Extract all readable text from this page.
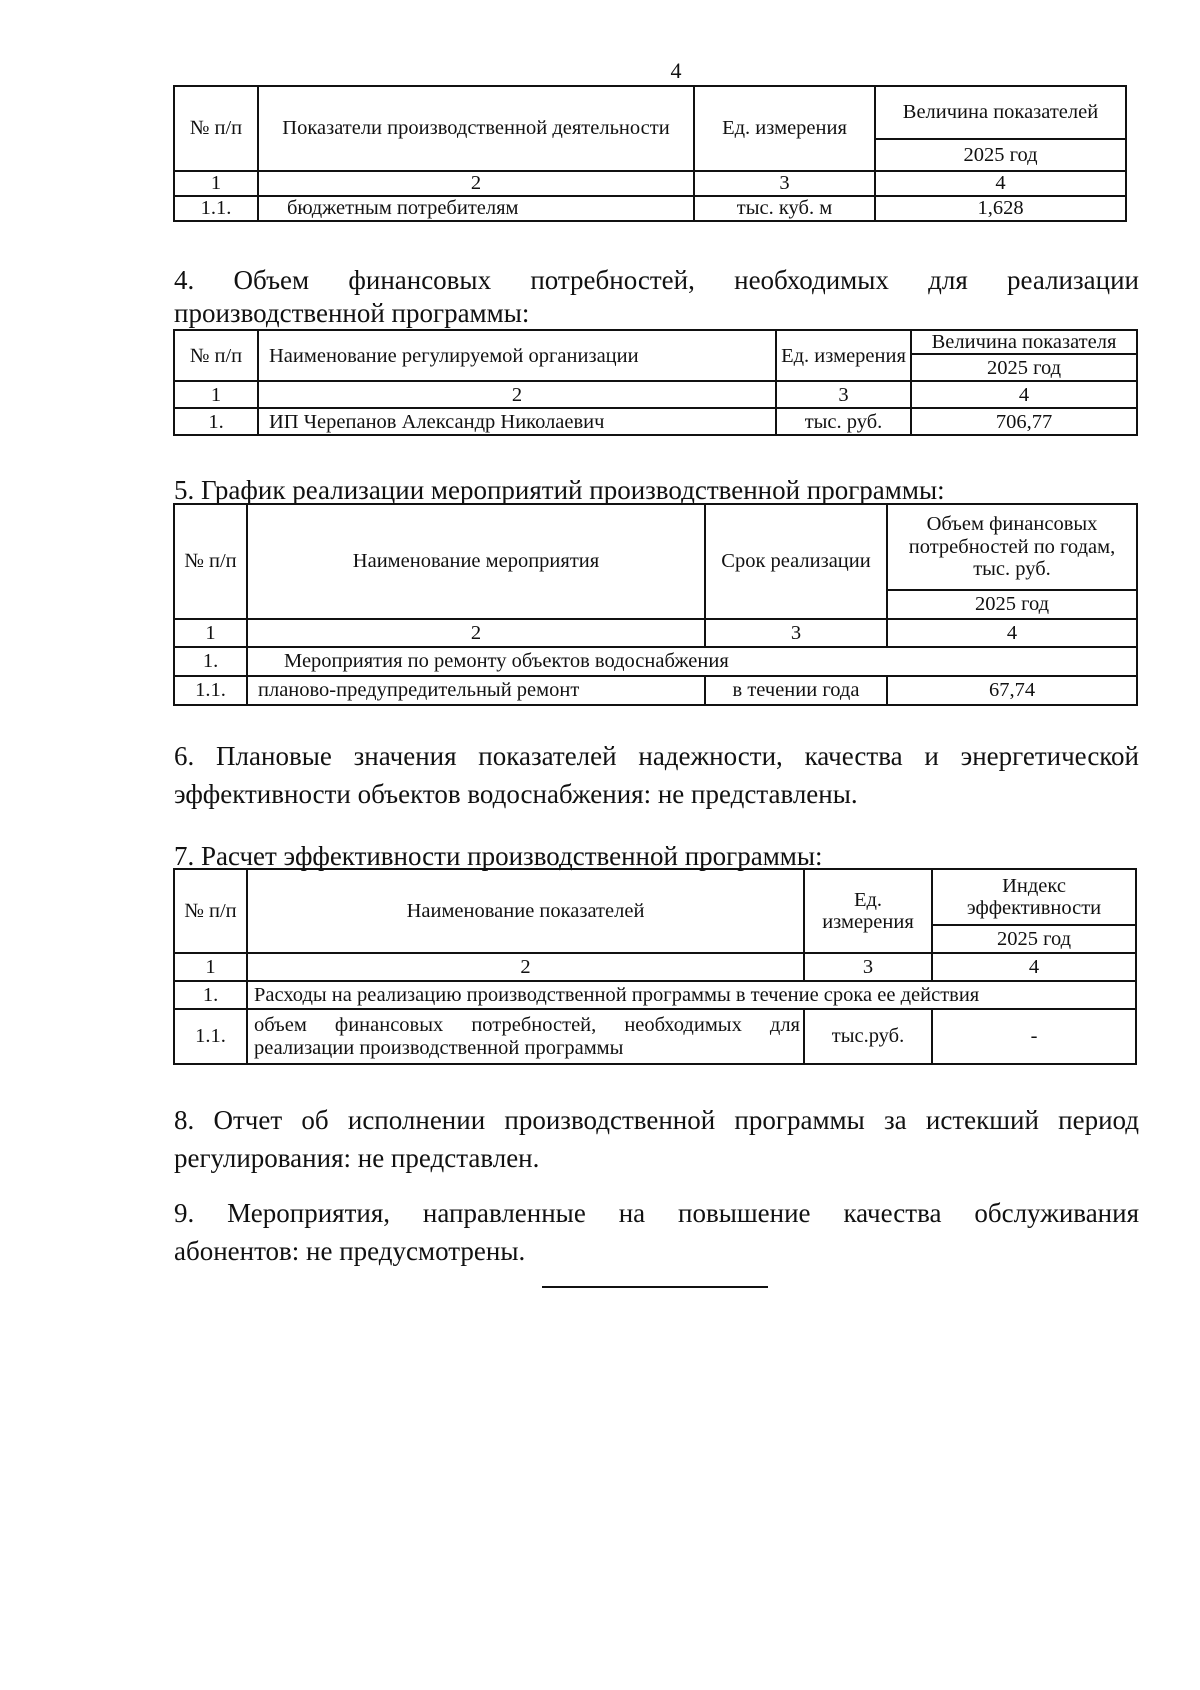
4
№ п/п	Показатели производственной деятельности	Ед. измерения	Величина показателей
			2025 год
1	2	3	4
1.1.	бюджетным потребителям	тыс. куб. м	1,628
4. Объем финансовых потребностей, необходимых для реализации
производственной программы:
№ п/п	Наименование регулируемой организации	Ед. измерения	Величина показателя
			2025 год
1	2	3	4
1.	ИП Черепанов Александр Николаевич	тыс. руб.	706,77
5. График реализации мероприятий производственной программы:
№ п/п	Наименование мероприятия	Срок реализации	Объем финансовых потребностей по годам, тыс. руб.
			2025 год
1	2	3	4
1.	Мероприятия по ремонту объектов водоснабжения		
1.1.	планово-предупредительный ремонт	в течении года	67,74
6. Плановые значения показателей надежности, качества и энергетической
эффективности объектов водоснабжения: не представлены.
7. Расчет эффективности производственной программы:
№ п/п	Наименование показателей	Ед. измерения	Индекс эффективности
			2025 год
1	2	3	4
1.	Расходы на реализацию производственной программы в течение срока ее действия		
1.1.	объем финансовых потребностей, необходимых для реализации производственной программы	тыс.руб.	-
8. Отчет об исполнении производственной программы за истекший период
регулирования: не представлен.
9. Мероприятия, направленные на повышение качества обслуживания
абонентов: не предусмотрены.
